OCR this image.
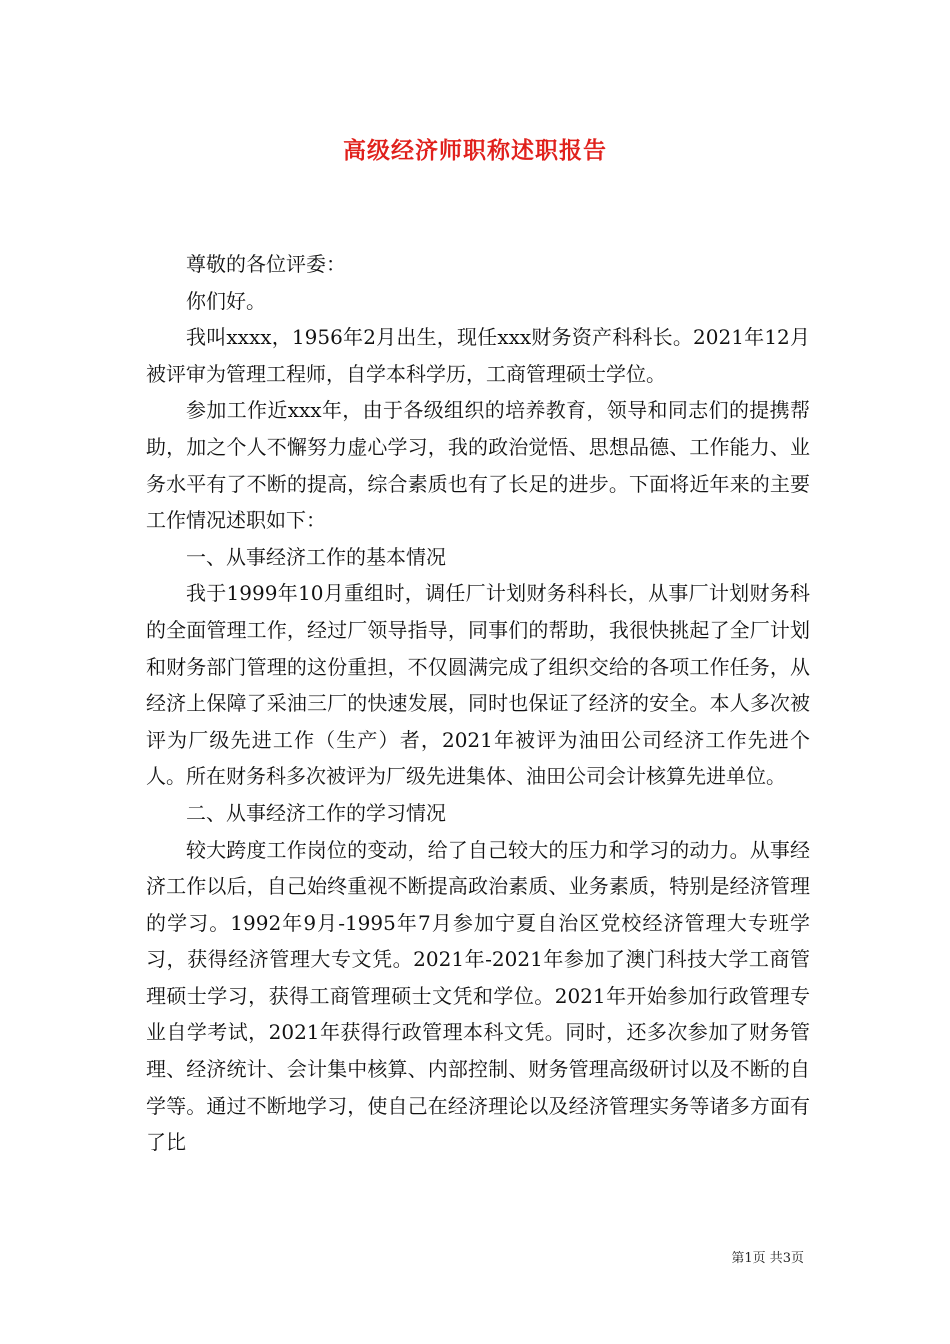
高级经济师职称述职报告

尊敬的各位评委：

你们好。

我叫xxxx，1956年2月出生，现任xxx财务资产科科长。2021年12月被评审为管理工程师，自学本科学历，工商管理硕士学位。

参加工作近xxx年，由于各级组织的培养教育，领导和同志们的提携帮助，加之个人不懈努力虚心学习，我的政治觉悟、思想品德、工作能力、业务水平有了不断的提高，综合素质也有了长足的进步。下面将近年来的主要工作情况述职如下：

一、从事经济工作的基本情况

我于1999年10月重组时，调任厂计划财务科科长，从事厂计划财务科的全面管理工作，经过厂领导指导，同事们的帮助，我很快挑起了全厂计划和财务部门管理的这份重担，不仅圆满完成了组织交给的各项工作任务，从经济上保障了采油三厂的快速发展，同时也保证了经济的安全。本人多次被评为厂级先进工作（生产）者，2021年被评为油田公司经济工作先进个人。所在财务科多次被评为厂级先进集体、油田公司会计核算先进单位。

二、从事经济工作的学习情况

较大跨度工作岗位的变动，给了自己较大的压力和学习的动力。从事经济工作以后，自己始终重视不断提高政治素质、业务素质，特别是经济管理的学习。1992年9月-1995年7月参加宁夏自治区党校经济管理大专班学习，获得经济管理大专文凭。2021年-2021年参加了澳门科技大学工商管理硕士学习，获得工商管理硕士文凭和学位。2021年开始参加行政管理专业自学考试，2021年获得行政管理本科文凭。同时，还多次参加了财务管理、经济统计、会计集中核算、内部控制、财务管理高级研讨以及不断的自学等。通过不断地学习，使自己在经济理论以及经济管理实务等诸多方面有了比

第1页 共3页
